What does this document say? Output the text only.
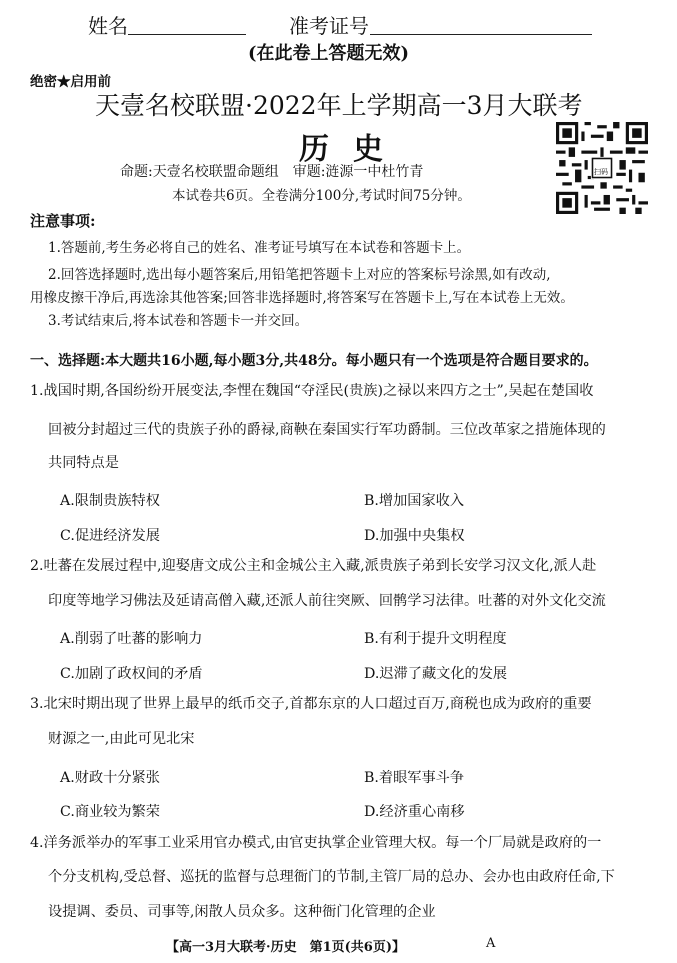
姓名	准考证号
(在此卷上答题无效)
绝密★启用前
天壹名校联盟·2022年上学期高一3月大联考
历史
命题:天壹名校联盟命题组　审题:涟源一中杜竹青
本试卷共6页。全卷满分100分,考试时间75分钟。
扫码
注意事项:
1.答题前,考生务必将自己的姓名、准考证号填写在本试卷和答题卡上。
2.回答选择题时,选出每小题答案后,用铅笔把答题卡上对应的答案标号涂黑,如有改动,
用橡皮擦干净后,再选涂其他答案;回答非选择题时,将答案写在答题卡上,写在本试卷上无效。
3.考试结束后,将本试卷和答题卡一并交回。
一、选择题:本大题共16小题,每小题3分,共48分。每小题只有一个选项是符合题目要求的。
1.战国时期,各国纷纷开展变法,李悝在魏国“夺淫民(贵族)之禄以来四方之士”,吴起在楚国收
回被分封超过三代的贵族子孙的爵禄,商鞅在秦国实行军功爵制。三位改革家之措施体现的
共同特点是
A.限制贵族特权	B.增加国家收入
C.促进经济发展	D.加强中央集权
2.吐蕃在发展过程中,迎娶唐文成公主和金城公主入藏,派贵族子弟到长安学习汉文化,派人赴
印度等地学习佛法及延请高僧入藏,还派人前往突厥、回鹘学习法律。吐蕃的对外文化交流
A.削弱了吐蕃的影响力	B.有利于提升文明程度
C.加剧了政权间的矛盾	D.迟滞了藏文化的发展
3.北宋时期出现了世界上最早的纸币交子,首都东京的人口超过百万,商税也成为政府的重要
财源之一,由此可见北宋
A.财政十分紧张	B.着眼军事斗争
C.商业较为繁荣	D.经济重心南移
4.洋务派举办的军事工业采用官办模式,由官吏执掌企业管理大权。每一个厂局就是政府的一
个分支机构,受总督、巡抚的监督与总理衙门的节制,主管厂局的总办、会办也由政府任命,下
设提调、委员、司事等,闲散人员众多。这种衙门化管理的企业
【高一3月大联考·历史　第1页(共6页)】	A
